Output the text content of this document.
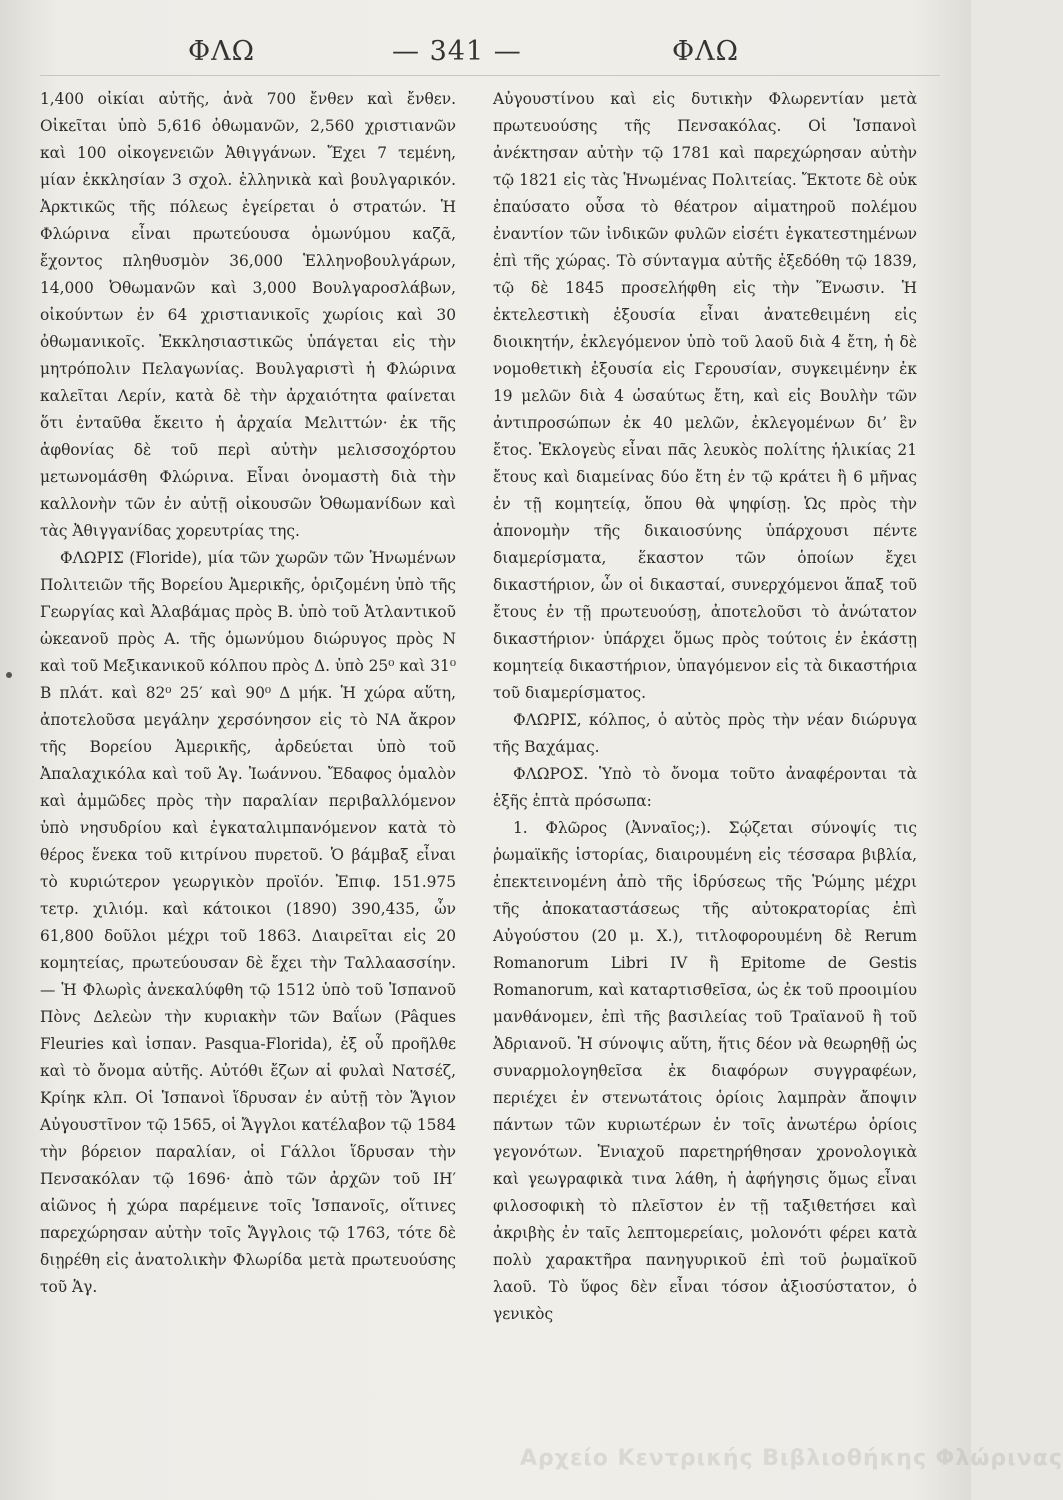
ΦΛΩ	— 341 —	ΦΛΩ

1,400 οἰκίαι αὐτῆς, ἀνὰ 700 ἔνθεν καὶ ἔνθεν. Οἰκεῖται ὑπὸ 5,616 ὀθωμανῶν, 2,560 χριστιανῶν καὶ 100 οἰκογενειῶν Ἀθιγγάνων. Ἔχει 7 τεμένη, μίαν ἐκκλησίαν 3 σχολ. ἑλληνικὰ καὶ βουλγαρικόν. Ἀρκτικῶς τῆς πόλεως ἐγείρεται ὁ στρατών. Ἡ Φλώρινα εἶναι πρωτεύουσα ὁμωνύμου καζᾶ, ἔχοντος πληθυσμὸν 36,000 Ἑλληνοβουλγάρων, 14,000 Ὀθωμανῶν καὶ 3,000 Βουλγαροσλάβων, οἰκούντων ἐν 64 χριστιανικοῖς χωρίοις καὶ 30 ὀθωμανικοῖς. Ἐκκλησιαστικῶς ὑπάγεται εἰς τὴν μητρόπολιν Πελαγωνίας. Βουλγαριστὶ ἡ Φλώρινα καλεῖται Λερίν, κατὰ δὲ τὴν ἀρχαιότητα φαίνεται ὅτι ἐνταῦθα ἔκειτο ἡ ἀρχαία Μελιττών· ἐκ τῆς ἀφθονίας δὲ τοῦ περὶ αὐτὴν μελισσοχόρτου μετωνομάσθη Φλώρινα. Εἶναι ὀνομαστὴ διὰ τὴν καλλονὴν τῶν ἐν αὐτῇ οἰκουσῶν Ὀθωμανίδων καὶ τὰς Ἀθιγγανίδας χορευτρίας της.

ΦΛΩΡΙΣ (Floride), μία τῶν χωρῶν τῶν Ἡνωμένων Πολιτειῶν τῆς Βορείου Ἀμερικῆς, ὁριζομένη ὑπὸ τῆς Γεωργίας καὶ Ἀλαβάμας πρὸς Β. ὑπὸ τοῦ Ἀτλαντικοῦ ὠκεανοῦ πρὸς Α. τῆς ὁμωνύμου διώρυγος πρὸς Ν καὶ τοῦ Μεξικανικοῦ κόλπου πρὸς Δ. ὑπὸ 25⁰ καὶ 31⁰ Β πλάτ. καὶ 82⁰ 25′ καὶ 90⁰ Δ μήκ. Ἡ χώρα αὕτη, ἀποτελοῦσα μεγάλην χερσόνησον εἰς τὸ ΝΑ ἄκρον τῆς Βορείου Ἀμερικῆς, ἀρδεύεται ὑπὸ τοῦ Ἀπαλαχικόλα καὶ τοῦ Ἁγ. Ἰωάννου. Ἔδαφος ὁμαλὸν καὶ ἀμμῶδες πρὸς τὴν παραλίαν περιβαλλόμενον ὑπὸ νησυδρίου καὶ ἐγκαταλιμπανόμενον κατὰ τὸ θέρος ἕνεκα τοῦ κιτρίνου πυρετοῦ. Ὁ βάμβαξ εἶναι τὸ κυριώτερον γεωργικὸν προϊόν. Ἐπιφ. 151.975 τετρ. χιλιόμ. καὶ κάτοικοι (1890) 390,435, ὧν 61,800 δοῦλοι μέχρι τοῦ 1863. Διαιρεῖται εἰς 20 κομητείας, πρωτεύουσαν δὲ ἔχει τὴν Ταλλαασσίην. — Ἡ Φλωρὶς ἀνεκαλύφθη τῷ 1512 ὑπὸ τοῦ Ἱσπανοῦ Πὸνς Δελεὼν τὴν κυριακὴν τῶν Βαΐων (Pâques Fleuries καὶ ἱσπαν. Pasqua-Florida), ἐξ οὗ προῆλθε καὶ τὸ ὄνομα αὐτῆς. Αὐτόθι ἔζων αἱ φυλαὶ Νατσέζ, Κρίηκ κλπ. Οἱ Ἱσπανοὶ ἵδρυσαν ἐν αὐτῇ τὸν Ἅγιον Αὐγουστῖνον τῷ 1565, οἱ Ἄγγλοι κατέλαβον τῷ 1584 τὴν βόρειον παραλίαν, οἱ Γάλλοι ἵδρυσαν τὴν Πενσακόλαν τῷ 1696· ἀπὸ τῶν ἀρχῶν τοῦ ΙΗ′ αἰῶνος ἡ χώρα παρέμεινε τοῖς Ἱσπανοῖς, οἵτινες παρεχώρησαν αὐτὴν τοῖς Ἄγγλοις τῷ 1763, τότε δὲ διῃρέθη εἰς ἀνατολικὴν Φλωρίδα μετὰ πρωτευούσης τοῦ Ἁγ.

Αὐγουστίνου καὶ εἰς δυτικὴν Φλωρεντίαν μετὰ πρωτευούσης τῆς Πενσακόλας. Οἱ Ἱσπανοὶ ἀνέκτησαν αὐτὴν τῷ 1781 καὶ παρεχώρησαν αὐτὴν τῷ 1821 εἰς τὰς Ἡνωμένας Πολιτείας. Ἔκτοτε δὲ οὐκ ἐπαύσατο οὖσα τὸ θέατρον αἱματηροῦ πολέμου ἐναντίον τῶν ἰνδικῶν φυλῶν εἰσέτι ἐγκατεστημένων ἐπὶ τῆς χώρας. Τὸ σύνταγμα αὐτῆς ἐξεδόθη τῷ 1839, τῷ δὲ 1845 προσελήφθη εἰς τὴν Ἕνωσιν. Ἡ ἐκτελεστικὴ ἐξουσία εἶναι ἀνατεθειμένη εἰς διοικητήν, ἐκλεγόμενον ὑπὸ τοῦ λαοῦ διὰ 4 ἔτη, ἡ δὲ νομοθετικὴ ἐξουσία εἰς Γερουσίαν, συγκειμένην ἐκ 19 μελῶν διὰ 4 ὡσαύτως ἔτη, καὶ εἰς Βουλὴν τῶν ἀντιπροσώπων ἐκ 40 μελῶν, ἐκλεγομένων δι’ ἓν ἔτος. Ἐκλογεὺς εἶναι πᾶς λευκὸς πολίτης ἡλικίας 21 ἔτους καὶ διαμείνας δύο ἔτη ἐν τῷ κράτει ἢ 6 μῆνας ἐν τῇ κομητείᾳ, ὅπου θὰ ψηφίσῃ. Ὡς πρὸς τὴν ἀπονομὴν τῆς δικαιοσύνης ὑπάρχουσι πέντε διαμερίσματα, ἕκαστον τῶν ὁποίων ἔχει δικαστήριον, ὧν οἱ δικασταί, συνερχόμενοι ἅπαξ τοῦ ἔτους ἐν τῇ πρωτευούσῃ, ἀποτελοῦσι τὸ ἀνώτατον δικαστήριον· ὑπάρχει ὅμως πρὸς τούτοις ἐν ἑκάστῃ κομητείᾳ δικαστήριον, ὑπαγόμενον εἰς τὰ δικαστήρια τοῦ διαμερίσματος.

ΦΛΩΡΙΣ, κόλπος, ὁ αὐτὸς πρὸς τὴν νέαν διώρυγα τῆς Βαχάμας.

ΦΛΩΡΟΣ. Ὑπὸ τὸ ὄνομα τοῦτο ἀναφέρονται τὰ ἑξῆς ἑπτὰ πρόσωπα:

1. Φλῶρος (Ἀνναῖος;). Σῴζεται σύνοψίς τις ῥωμαϊκῆς ἱστορίας, διαιρουμένη εἰς τέσσαρα βιβλία, ἐπεκτεινομένη ἀπὸ τῆς ἱδρύσεως τῆς Ῥώμης μέχρι τῆς ἀποκαταστάσεως τῆς αὐτοκρατορίας ἐπὶ Αὐγούστου (20 μ. Χ.), τιτλοφορουμένη δὲ Rerum Romanorum Libri IV ἢ Epitome de Gestis Romanorum, καὶ καταρτισθεῖσα, ὡς ἐκ τοῦ προοιμίου μανθάνομεν, ἐπὶ τῆς βασιλείας τοῦ Τραϊανοῦ ἢ τοῦ Ἀδριανοῦ. Ἡ σύνοψις αὕτη, ἥτις δέον νὰ θεωρηθῇ ὡς συναρμολογηθεῖσα ἐκ διαφόρων συγγραφέων, περιέχει ἐν στενωτάτοις ὁρίοις λαμπρὰν ἄποψιν πάντων τῶν κυριωτέρων ἐν τοῖς ἀνωτέρω ὁρίοις γεγονότων. Ἐνιαχοῦ παρετηρήθησαν χρονολογικὰ καὶ γεωγραφικὰ τινα λάθη, ἡ ἀφήγησις ὅμως εἶναι φιλοσοφικὴ τὸ πλεῖστον ἐν τῇ ταξιθετήσει καὶ ἀκριβὴς ἐν ταῖς λεπτομερείαις, μολονότι φέρει κατὰ πολὺ χαρακτῆρα πανηγυρικοῦ ἐπὶ τοῦ ῥωμαϊκοῦ λαοῦ. Τὸ ὕφος δὲν εἶναι τόσον ἀξιοσύστατον, ὁ γενικὸς

Αρχείο Κεντρικής Βιβλιοθήκης Φλώρινας
